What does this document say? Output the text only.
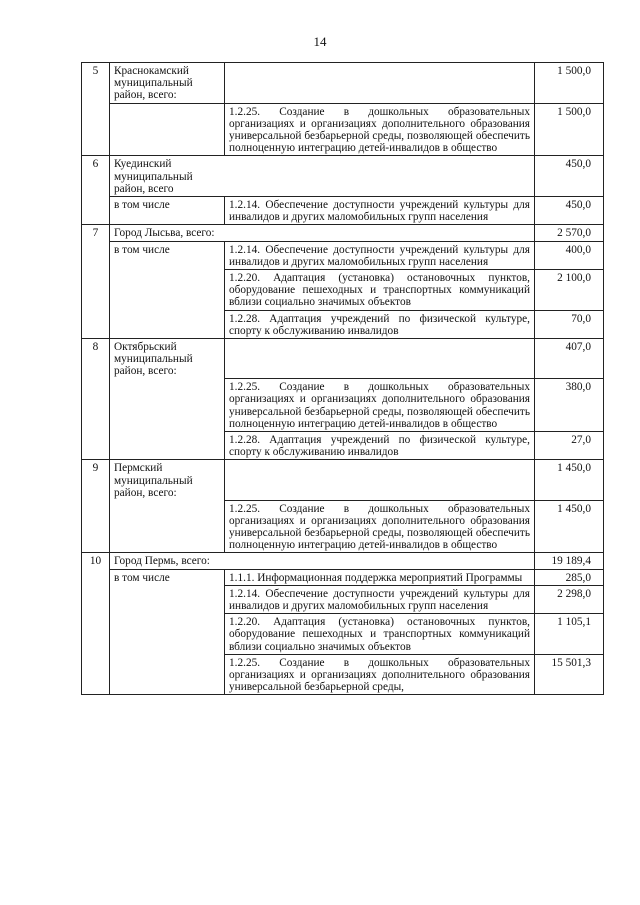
14
5	Краснокамский муниципальный район, всего:		1 500,0
		1.2.25. Создание в дошкольных образовательных организациях и организациях дополнительного образования универсальной безбарьерной среды, позволяющей обеспечить полноценную интеграцию детей-инвалидов в общество	1 500,0
6	Куединский муниципальный район, всего		450,0
	в том числе	1.2.14. Обеспечение доступности учреждений культуры для инвалидов и других маломобильных групп населения	450,0
7	Город Лысьва, всего:		2 570,0
	в том числе	1.2.14. Обеспечение доступности учреждений культуры для инвалидов и других маломобильных групп населения	400,0
		1.2.20. Адаптация (установка) остановочных пунктов, оборудование пешеходных и транспортных коммуникаций вблизи социально значимых объектов	2 100,0
		1.2.28. Адаптация учреждений по физической культуре, спорту к обслуживанию инвалидов	70,0
8	Октябрьский муниципальный район, всего:		407,0
		1.2.25. Создание в дошкольных образовательных организациях и организациях дополнительного образования универсальной безбарьерной среды, позволяющей обеспечить полноценную интеграцию детей-инвалидов в общество	380,0
		1.2.28. Адаптация учреждений по физической культуре, спорту к обслуживанию инвалидов	27,0
9	Пермский муниципальный район, всего:		1 450,0
		1.2.25. Создание в дошкольных образовательных организациях и организациях дополнительного образования универсальной безбарьерной среды, позволяющей обеспечить полноценную интеграцию детей-инвалидов в общество	1 450,0
10	Город Пермь, всего:		19 189,4
	в том числе	1.1.1. Информационная поддержка мероприятий Программы	285,0
		1.2.14. Обеспечение доступности учреждений культуры для инвалидов и других маломобильных групп населения	2 298,0
		1.2.20. Адаптация (установка) остановочных пунктов, оборудование пешеходных и транспортных коммуникаций вблизи социально значимых объектов	1 105,1
		1.2.25. Создание в дошкольных образовательных организациях и организациях дополнительного образования универсальной безбарьерной среды,	15 501,3
